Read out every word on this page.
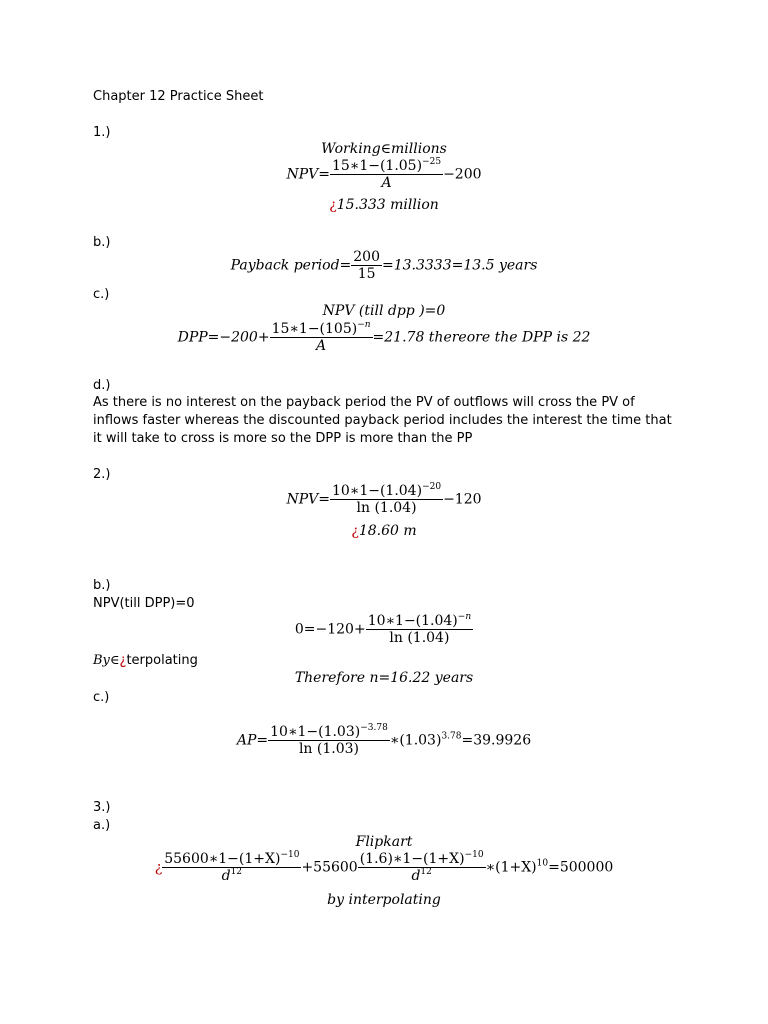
Chapter 12 Practice Sheet
1.)
Working∈millions
$NPV= \frac{15∗1-(1.05)^{-25}}{A} -200$
¿15.333 million
b.)
Payback period= $\frac{200}{15} =13.3333=13.5$ years
c.)
NPV (till dpp )=0
$DPP=-200+ \frac{15∗1-(105)^{-n}}{A} =21.78$ thereore the DPP is 22
d.)
As there is no interest on the payback period the PV of outflows will cross the PV of inflows faster whereas the discounted payback period includes the interest the time that it will take to cross is more so the DPP is more than the PP
2.)
$NPV= \frac{10∗1-(1.04)^{-20}}{\ln (1.04)} -120$
¿18.60 m
b.)
NPV(till DPP)=0
$0=-120+ \frac{10∗1-(1.04)^{-n}}{\ln (1.04)}$
By∈¿terpolating
Therefore n=16.22 years
c.)
$AP= \frac{10∗1-(1.03)^{-3.78}}{\ln (1.03)}$ $∗(1.03)^{3.78}=39.9926$
3.)
a.)
Flipkart
¿ $\frac{55600∗1-(1+X)^{-10}}{d^{12}} +55600 \frac{(1.6)∗1-(1+X)^{-10}}{d^{12}}$ $∗(1+X)^{10}=500000$
by interpolating
